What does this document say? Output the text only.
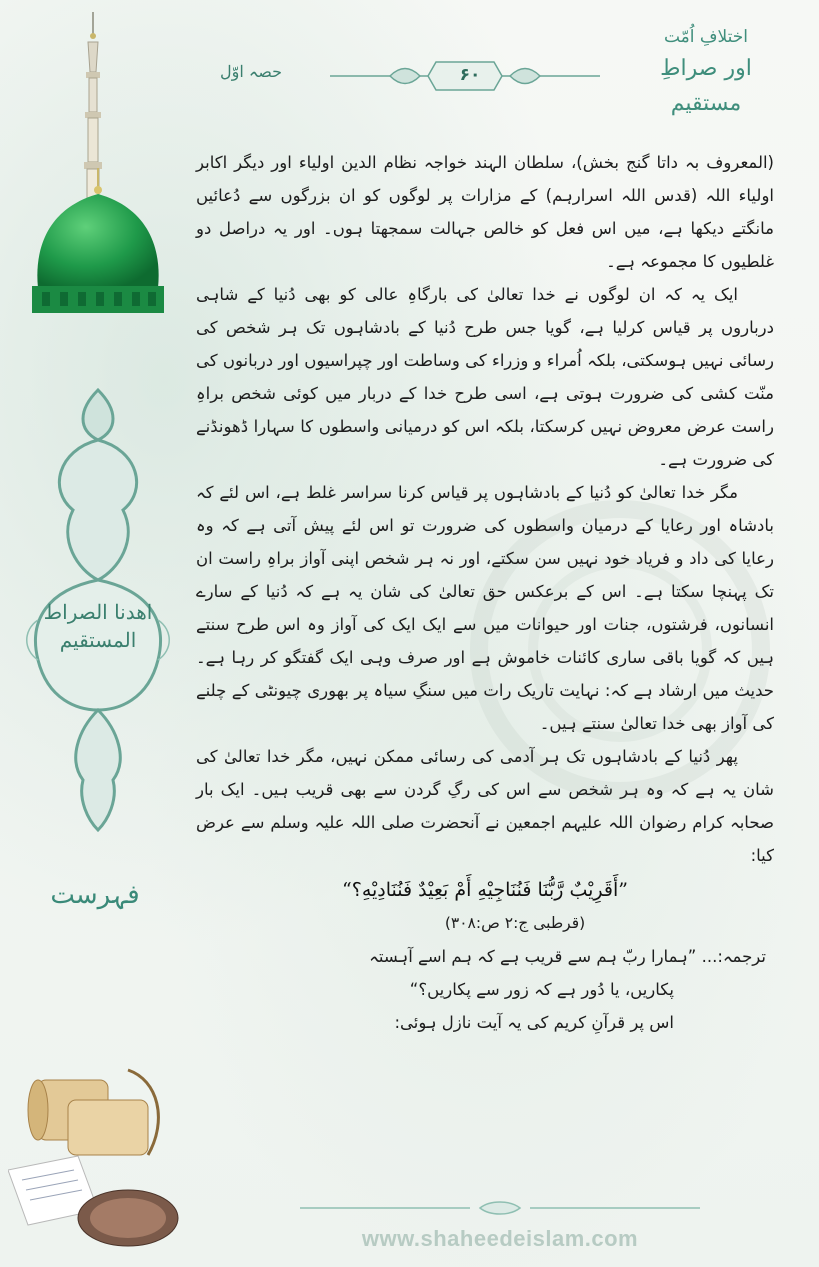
اھدنا الصراط المستقیم
فہرست
اختلافِ اُمّت
اور صراطِ مستقیم
۶۰
حصہ اوّل

(المعروف بہ داتا گنج بخش)، سلطان الہند خواجہ نظام الدین اولیاء اور دیگر اکابر اولیاء اللہ (قدس اللہ اسرارہم) کے مزارات پر لوگوں کو ان بزرگوں سے دُعائیں مانگتے دیکھا ہے، میں اس فعل کو خالص جہالت سمجھتا ہوں۔ اور یہ دراصل دو غلطیوں کا مجموعہ ہے۔

ایک یہ کہ ان لوگوں نے خدا تعالیٰ کی بارگاہِ عالی کو بھی دُنیا کے شاہی درباروں پر قیاس کرلیا ہے، گویا جس طرح دُنیا کے بادشاہوں تک ہر شخص کی رسائی نہیں ہوسکتی، بلکہ اُمراء و وزراء کی وساطت اور چپراسیوں اور دربانوں کی منّت کشی کی ضرورت ہوتی ہے، اسی طرح خدا کے دربار میں کوئی شخص براہِ راست عرض معروض نہیں کرسکتا، بلکہ اس کو درمیانی واسطوں کا سہارا ڈھونڈنے کی ضرورت ہے۔

مگر خدا تعالیٰ کو دُنیا کے بادشاہوں پر قیاس کرنا سراسر غلط ہے، اس لئے کہ بادشاہ اور رعایا کے درمیان واسطوں کی ضرورت تو اس لئے پیش آتی ہے کہ وہ رعایا کی داد و فریاد خود نہیں سن سکتے، اور نہ ہر شخص اپنی آواز براہِ راست ان تک پہنچا سکتا ہے۔ اس کے برعکس حق تعالیٰ کی شان یہ ہے کہ دُنیا کے سارے انسانوں، فرشتوں، جنات اور حیوانات میں سے ایک ایک کی آواز وہ اس طرح سنتے ہیں کہ گویا باقی ساری کائنات خاموش ہے اور صرف وہی ایک گفتگو کر رہا ہے۔ حدیث میں ارشاد ہے کہ: نہایت تاریک رات میں سنگِ سیاہ پر بھوری چیونٹی کے چلنے کی آواز بھی خدا تعالیٰ سنتے ہیں۔

پھر دُنیا کے بادشاہوں تک ہر آدمی کی رسائی ممکن نہیں، مگر خدا تعالیٰ کی شان یہ ہے کہ وہ ہر شخص سے اس کی رگِ گردن سے بھی قریب ہیں۔ ایک بار صحابہ کرام رضوان اللہ علیہم اجمعین نے آنحضرت صلی اللہ علیہ وسلم سے عرض کیا:

”أَقَرِيْبٌ رَّبُّنَا فَنُنَاجِيْهِ أَمْ بَعِيْدٌ فَنُنَادِيْهِ؟“

(قرطبی ج:۲ ص:۳۰۸)

ترجمہ:... ”ہمارا ربّ ہم سے قریب ہے کہ ہم اسے آہستہ

پکاریں، یا دُور ہے کہ زور سے پکاریں؟“

اس پر قرآنِ کریم کی یہ آیت نازل ہوئی:

www.shaheedeislam.com
